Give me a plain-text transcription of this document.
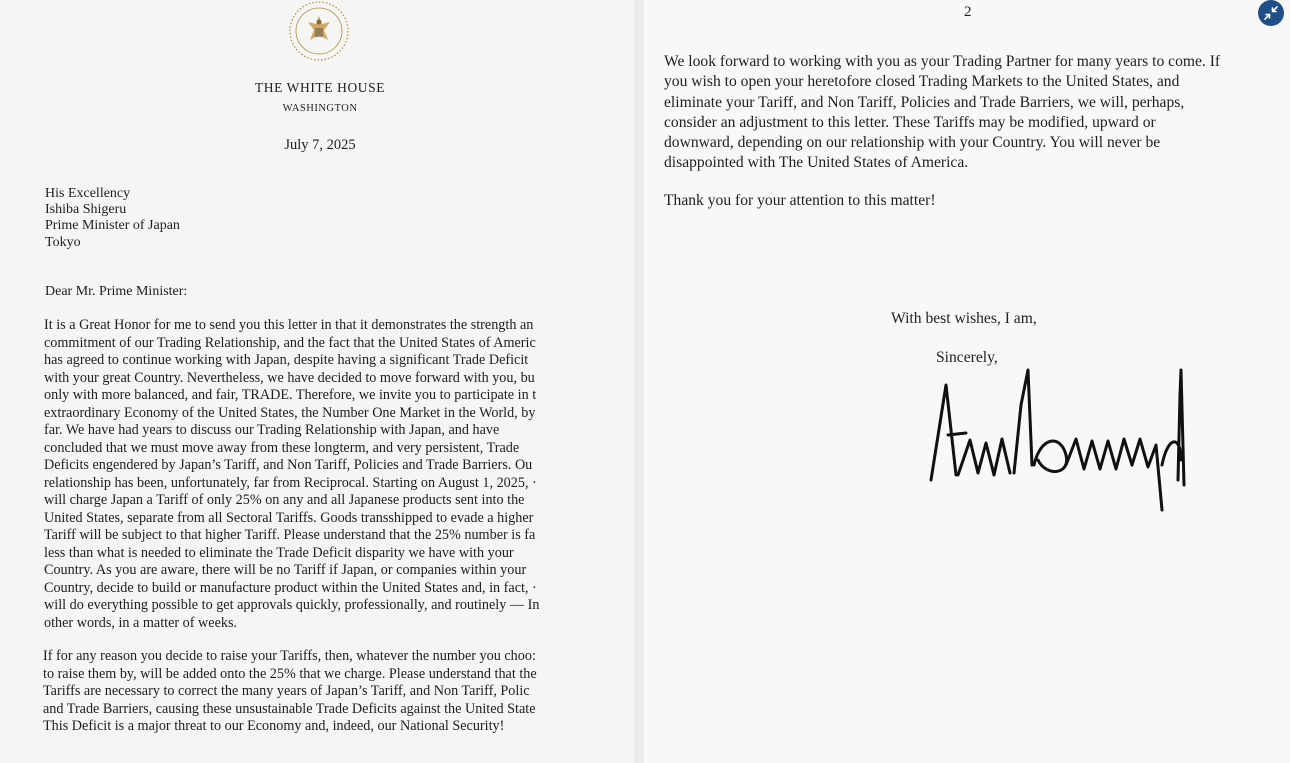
THE WHITE HOUSE
WASHINGTON
July 7, 2025
His Excellency
Ishiba Shigeru
Prime Minister of Japan
Tokyo
Dear Mr. Prime Minister:
It is a Great Honor for me to send you this letter in that it demonstrates the strength an
commitment of our Trading Relationship, and the fact that the United States of Americ
has agreed to continue working with Japan, despite having a significant Trade Deficit
with your great Country. Nevertheless, we have decided to move forward with you, bu
only with more balanced, and fair, TRADE. Therefore, we invite you to participate in t
extraordinary Economy of the United States, the Number One Market in the World, by
far. We have had years to discuss our Trading Relationship with Japan, and have
concluded that we must move away from these longterm, and very persistent, Trade
Deficits engendered by Japan’s Tariff, and Non Tariff, Policies and Trade Barriers. Ou
relationship has been, unfortunately, far from Reciprocal. Starting on August 1, 2025, ·
will charge Japan a Tariff of only 25% on any and all Japanese products sent into the
United States, separate from all Sectoral Tariffs. Goods transshipped to evade a higher
Tariff will be subject to that higher Tariff. Please understand that the 25% number is fa
less than what is needed to eliminate the Trade Deficit disparity we have with your
Country. As you are aware, there will be no Tariff if Japan, or companies within your
Country, decide to build or manufacture product within the United States and, in fact, ·
will do everything possible to get approvals quickly, professionally, and routinely — In
other words, in a matter of weeks.
If for any reason you decide to raise your Tariffs, then, whatever the number you choo:
to raise them by, will be added onto the 25% that we charge. Please understand that the
Tariffs are necessary to correct the many years of Japan’s Tariff, and Non Tariff, Polic
and Trade Barriers, causing these unsustainable Trade Deficits against the United State
This Deficit is a major threat to our Economy and, indeed, our National Security!
2
We look forward to working with you as your Trading Partner for many years to come. If
you wish to open your heretofore closed Trading Markets to the United States, and
eliminate your Tariff, and Non Tariff, Policies and Trade Barriers, we will, perhaps,
consider an adjustment to this letter. These Tariffs may be modified, upward or
downward, depending on our relationship with your Country. You will never be
disappointed with The United States of America.
Thank you for your attention to this matter!
With best wishes, I am,
Sincerely,
